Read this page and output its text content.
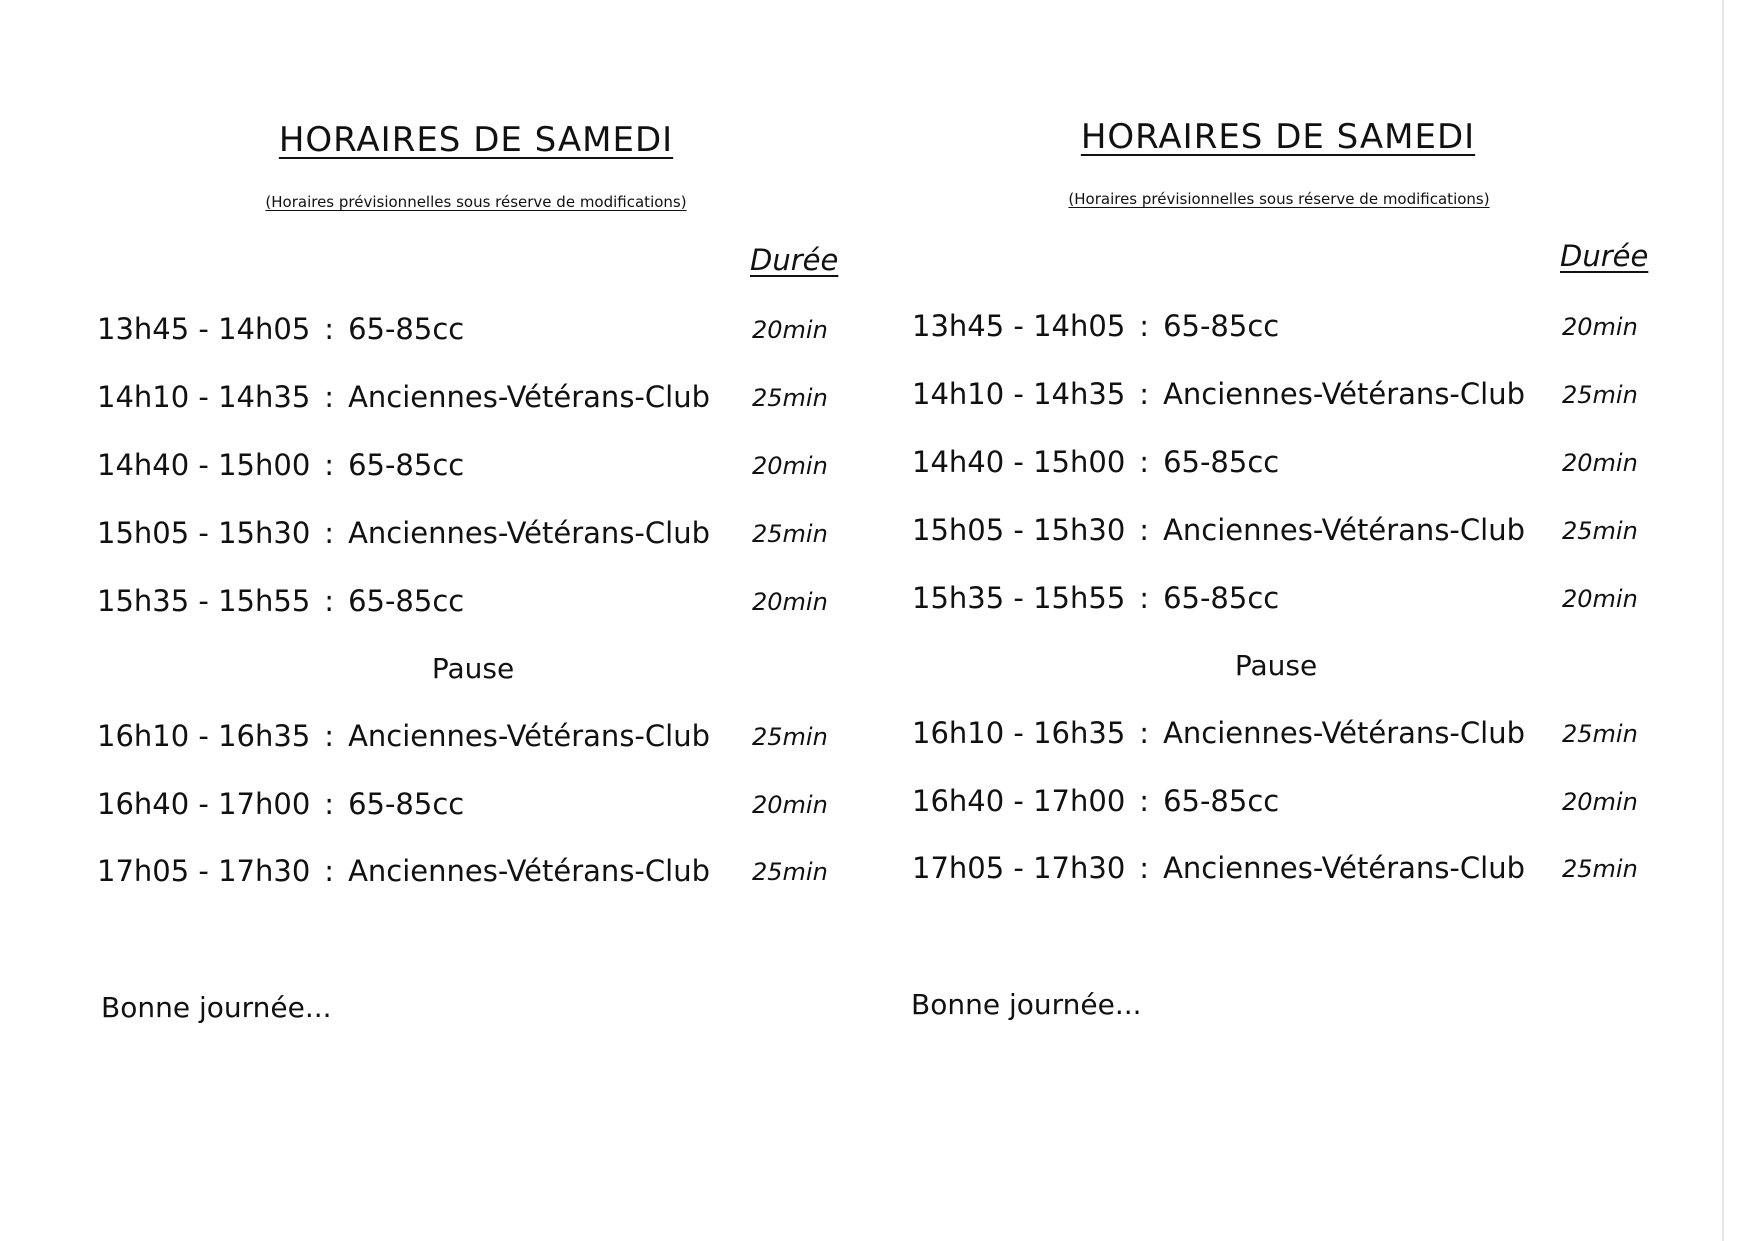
HORAIRES DE SAMEDI
(Horaires prévisionnelles sous réserve de modifications)
Durée
13h45 - 14h05 : 65-85cc	20min
14h10 - 14h35 : Anciennes-Vétérans-Club 25min
14h40 - 15h00 : 65-85cc	20min
15h05 - 15h30 : Anciennes-Vétérans-Club 25min
15h35 - 15h55 : 65-85cc	20min
Pause
16h10 - 16h35 : Anciennes-Vétérans-Club 25min
16h40 - 17h00 : 65-85cc	20min
17h05 - 17h30 : Anciennes-Vétérans-Club 25min
Bonne journée...
HORAIRES DE SAMEDI
(Horaires prévisionnelles sous réserve de modifications)
Durée
13h45 - 14h05 : 65-85cc	20min
14h10 - 14h35 : Anciennes-Vétérans-Club 25min
14h40 - 15h00 : 65-85cc	20min
15h05 - 15h30 : Anciennes-Vétérans-Club 25min
15h35 - 15h55 : 65-85cc	20min
Pause
16h10 - 16h35 : Anciennes-Vétérans-Club 25min
16h40 - 17h00 : 65-85cc	20min
17h05 - 17h30 : Anciennes-Vétérans-Club 25min
Bonne journée...
